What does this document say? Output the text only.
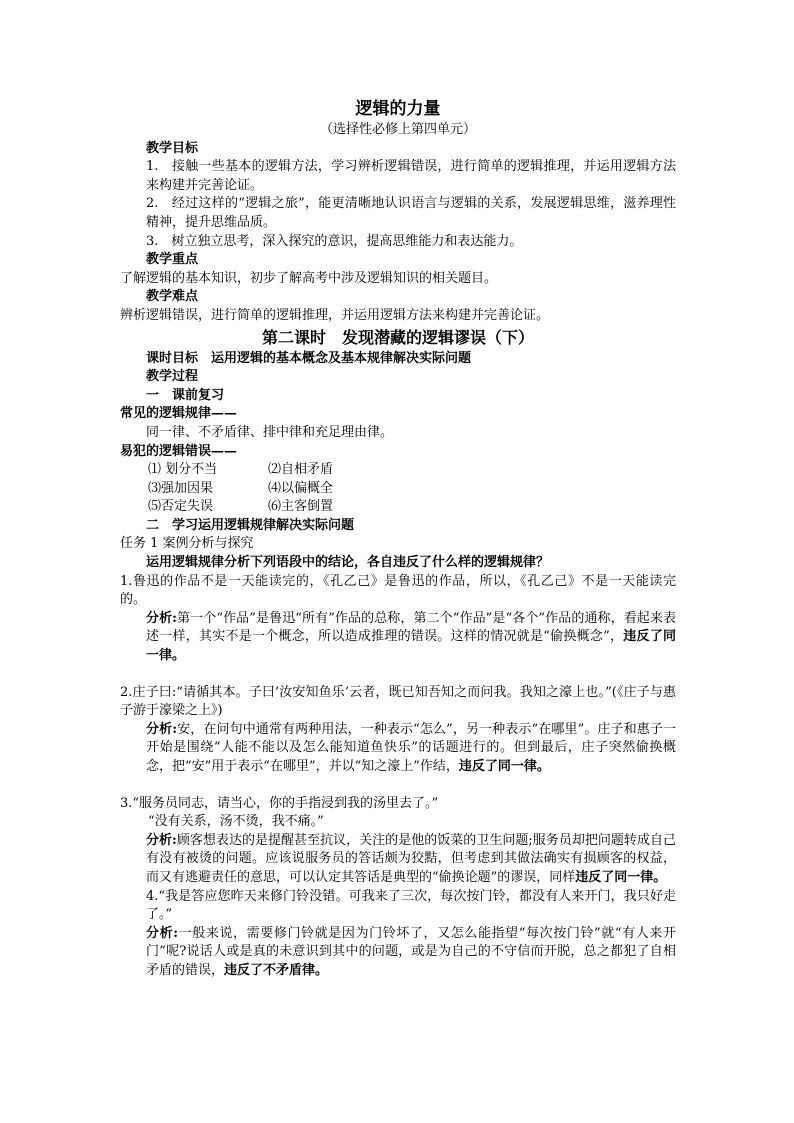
逻辑的力量
（选择性必修上第四单元）
教学目标
1.　接触一些基本的逻辑方法，学习辨析逻辑错误，进行简单的逻辑推理，并运用逻辑方法来构建并完善论证。
2.　经过这样的“逻辑之旅”，能更清晰地认识语言与逻辑的关系，发展逻辑思维，滋养理性精神，提升思维品质。
3.　树立独立思考，深入探究的意识，提高思维能力和表达能力。
教学重点
了解逻辑的基本知识，初步了解高考中涉及逻辑知识的相关题目。
教学难点
辨析逻辑错误，进行简单的逻辑推理，并运用逻辑方法来构建并完善论证。
第二课时　发现潜藏的逻辑谬误（下）
课时目标　运用逻辑的基本概念及基本规律解决实际问题
教学过程
一　课前复习
常见的逻辑规律——
同一律、不矛盾律、排中律和充足理由律。
易犯的逻辑错误——
⑴ 划分不当	⑵自相矛盾
⑶强加因果	⑷以偏概全
⑸否定失误	⑹主客倒置
二　学习运用逻辑规律解决实际问题
任务 1 案例分析与探究
运用逻辑规律分析下列语段中的结论，各自违反了什么样的逻辑规律？
1.鲁迅的作品不是一天能读完的，《孔乙己》是鲁迅的作品，所以，《孔乙己》不是一天能读完的。
分析:第一个“作品”是鲁迅“所有”作品的总称，第二个“作品”是“各个”作品的通称，看起来表述一样，其实不是一个概念，所以造成推理的错误。这样的情况就是“偷换概念”，违反了同一律。
2.庄子曰:“请循其本。子曰’汝安知鱼乐’云者，既已知吾知之而问我。我知之濠上也。”(《庄子与惠子游于濠梁之上》)
分析:安，在问句中通常有两种用法，一种表示“怎么”，另一种表示“在哪里”。庄子和惠子一开始是围绕“人能不能以及怎么能知道鱼快乐”的话题进行的。但到最后，庄子突然偷换概念，把“安”用于表示“在哪里”，并以“知之濠上”作结，违反了同一律。
3.“服务员同志，请当心，你的手指浸到我的汤里去了。”
“没有关系，汤不烫，我不痛。”
分析:顾客想表达的是提醒甚至抗议，关注的是他的饭菜的卫生问题;服务员却把问题转成自己有没有被烫的问题。应该说服务员的答话颇为狡黠，但考虑到其做法确实有损顾客的权益，而又有逃避责任的意思，可以认定其答话是典型的“偷换论题”的谬误，同样违反了同一律。
4.“我是答应您昨天来修门铃没错。可我来了三次，每次按门铃，都没有人来开门，我只好走了。”
分析:一般来说，需要修门铃就是因为门铃坏了，又怎么能指望“每次按门铃”就“有人来开门”呢?说话人或是真的未意识到其中的问题，或是为自己的不守信而开脱，总之都犯了自相矛盾的错误，违反了不矛盾律。
